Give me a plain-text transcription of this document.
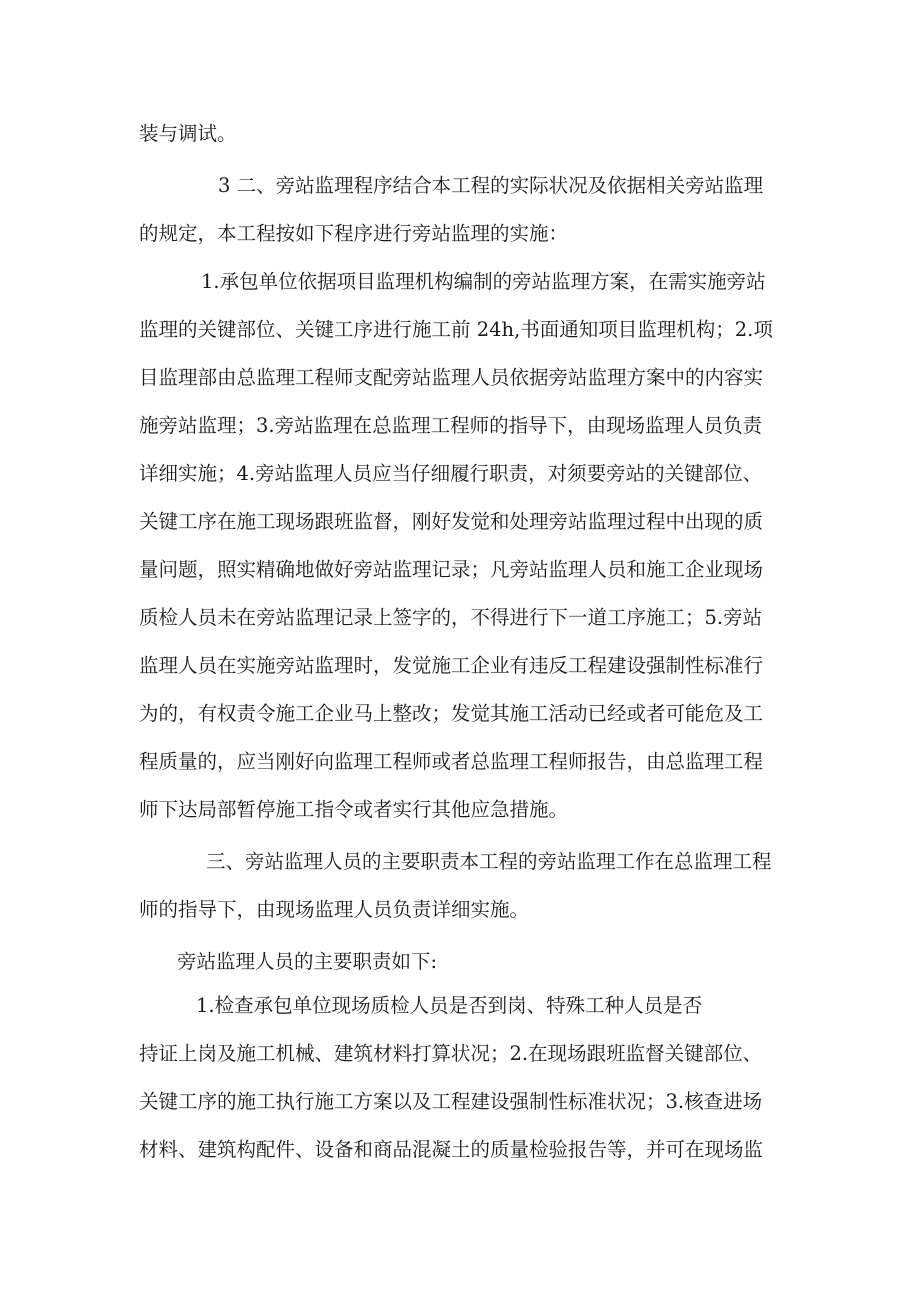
装与调试。
3 二、旁站监理程序结合本工程的实际状况及依据相关旁站监理
的规定，本工程按如下程序进行旁站监理的实施：
1.承包单位依据项目监理机构编制的旁站监理方案，在需实施旁站
监理的关键部位、关键工序进行施工前 24h,书面通知项目监理机构；2.项
目监理部由总监理工程师支配旁站监理人员依据旁站监理方案中的内容实
施旁站监理；3.旁站监理在总监理工程师的指导下，由现场监理人员负责
详细实施；4.旁站监理人员应当仔细履行职责，对须要旁站的关键部位、
关键工序在施工现场跟班监督，刚好发觉和处理旁站监理过程中出现的质
量问题，照实精确地做好旁站监理记录；凡旁站监理人员和施工企业现场
质检人员未在旁站监理记录上签字的，不得进行下一道工序施工；5.旁站
监理人员在实施旁站监理时，发觉施工企业有违反工程建设强制性标准行
为的，有权责令施工企业马上整改；发觉其施工活动已经或者可能危及工
程质量的，应当刚好向监理工程师或者总监理工程师报告，由总监理工程
师下达局部暂停施工指令或者实行其他应急措施。
三、旁站监理人员的主要职责本工程的旁站监理工作在总监理工程
师的指导下，由现场监理人员负责详细实施。
旁站监理人员的主要职责如下:
1.检查承包单位现场质检人员是否到岗、特殊工种人员是否
持证上岗及施工机械、建筑材料打算状况；2.在现场跟班监督关键部位、
关键工序的施工执行施工方案以及工程建设强制性标准状况；3.核查进场
材料、建筑构配件、设备和商品混凝土的质量检验报告等，并可在现场监
